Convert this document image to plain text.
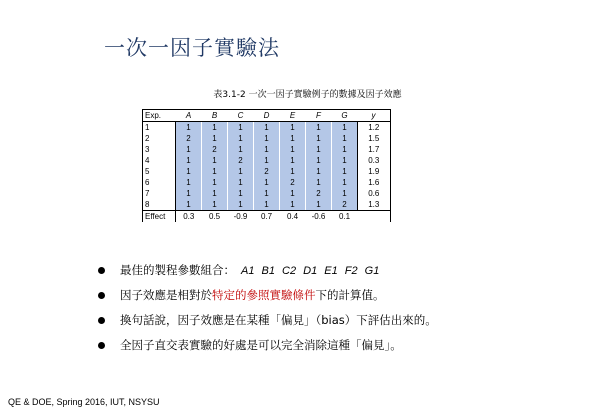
一次一因子實驗法
表3.1-2 一次一因子實驗例子的數據及因子效應
Exp.	A	B	C	D	E	F	G	y
1	1	1	1	1	1	1	1	1.2
2	2	1	1	1	1	1	1	1.5
3	1	2	1	1	1	1	1	1.7
4	1	1	2	1	1	1	1	0.3
5	1	1	1	2	1	1	1	1.9
6	1	1	1	1	2	1	1	1.6
7	1	1	1	1	1	2	1	0.6
8	1	1	1	1	1	1	2	1.3
Effect	0.3	0.5	-0.9	0.7	0.4	-0.6	0.1	
最佳的製程參數組合： A1 B1 C2 D1 E1 F2 G1
因子效應是相對於特定的參照實驗條件下的計算值。
換句話說，因子效應是在某種「偏見」（bias）下評估出來的。
全因子直交表實驗的好處是可以完全消除這種「偏見」。
QE & DOE, Spring 2016, IUT, NSYSU
